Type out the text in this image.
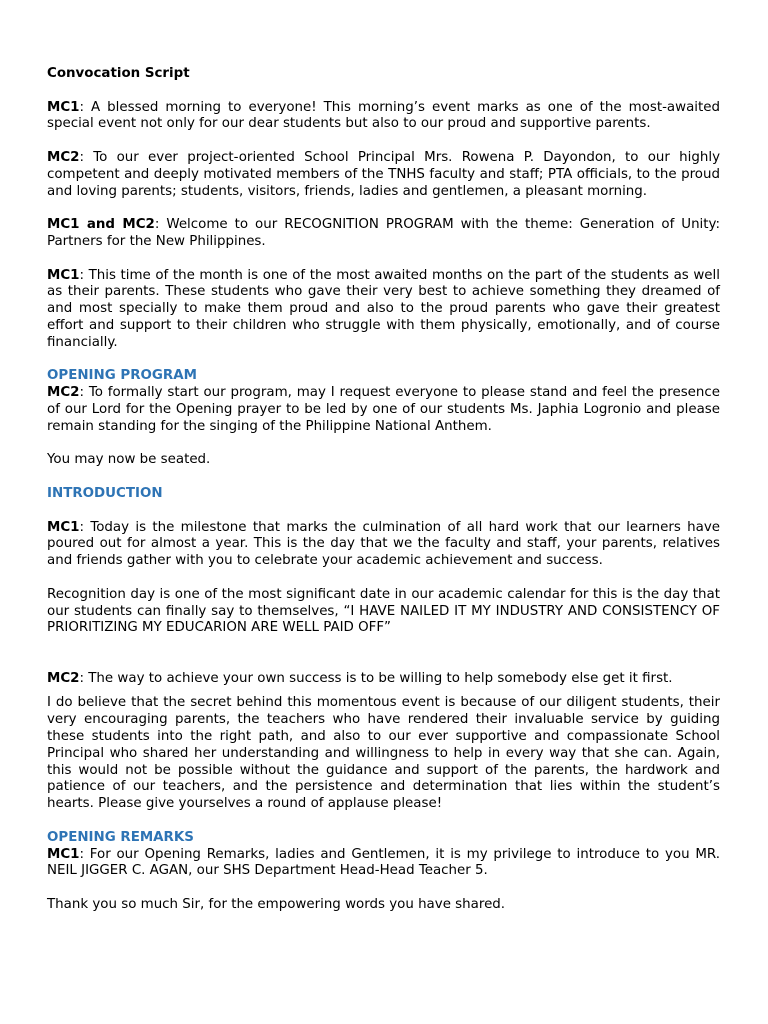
Convocation Script

MC1: A blessed morning to everyone! This morning’s event marks as one of the most-awaited special event not only for our dear students but also to our proud and supportive parents.

MC2: To our ever project-oriented School Principal Mrs. Rowena P. Dayondon, to our highly competent and deeply motivated members of the TNHS faculty and staff; PTA officials, to the proud and loving parents; students, visitors, friends, ladies and gentlemen, a pleasant morning.

MC1 and MC2: Welcome to our RECOGNITION PROGRAM with the theme: Generation of Unity: Partners for the New Philippines.

MC1: This time of the month is one of the most awaited months on the part of the students as well as their parents. These students who gave their very best to achieve something they dreamed of and most specially to make them proud and also to the proud parents who gave their greatest effort and support to their children who struggle with them physically, emotionally, and of course financially.

OPENING PROGRAM

MC2: To formally start our program, may I request everyone to please stand and feel the presence of our Lord for the Opening prayer to be led by one of our students Ms. Japhia Logronio and please remain standing for the singing of the Philippine National Anthem.

You may now be seated.

INTRODUCTION

MC1: Today is the milestone that marks the culmination of all hard work that our learners have poured out for almost a year. This is the day that we the faculty and staff, your parents, relatives and friends gather with you to celebrate your academic achievement and success.

Recognition day is one of the most significant date in our academic calendar for this is the day that our students can finally say to themselves, “I HAVE NAILED IT MY INDUSTRY AND CONSISTENCY OF PRIORITIZING MY EDUCARION ARE WELL PAID OFF”

MC2: The way to achieve your own success is to be willing to help somebody else get it first.

I do believe that the secret behind this momentous event is because of our diligent students, their very encouraging parents, the teachers who have rendered their invaluable service by guiding these students into the right path, and also to our ever supportive and compassionate School Principal who shared her understanding and willingness to help in every way that she can. Again, this would not be possible without the guidance and support of the parents, the hardwork and patience of our teachers, and the persistence and determination that lies within the student’s hearts. Please give yourselves a round of applause please!

OPENING REMARKS

MC1: For our Opening Remarks, ladies and Gentlemen, it is my privilege to introduce to you MR. NEIL JIGGER C. AGAN, our SHS Department Head-Head Teacher 5.

Thank you so much Sir, for the empowering words you have shared.
